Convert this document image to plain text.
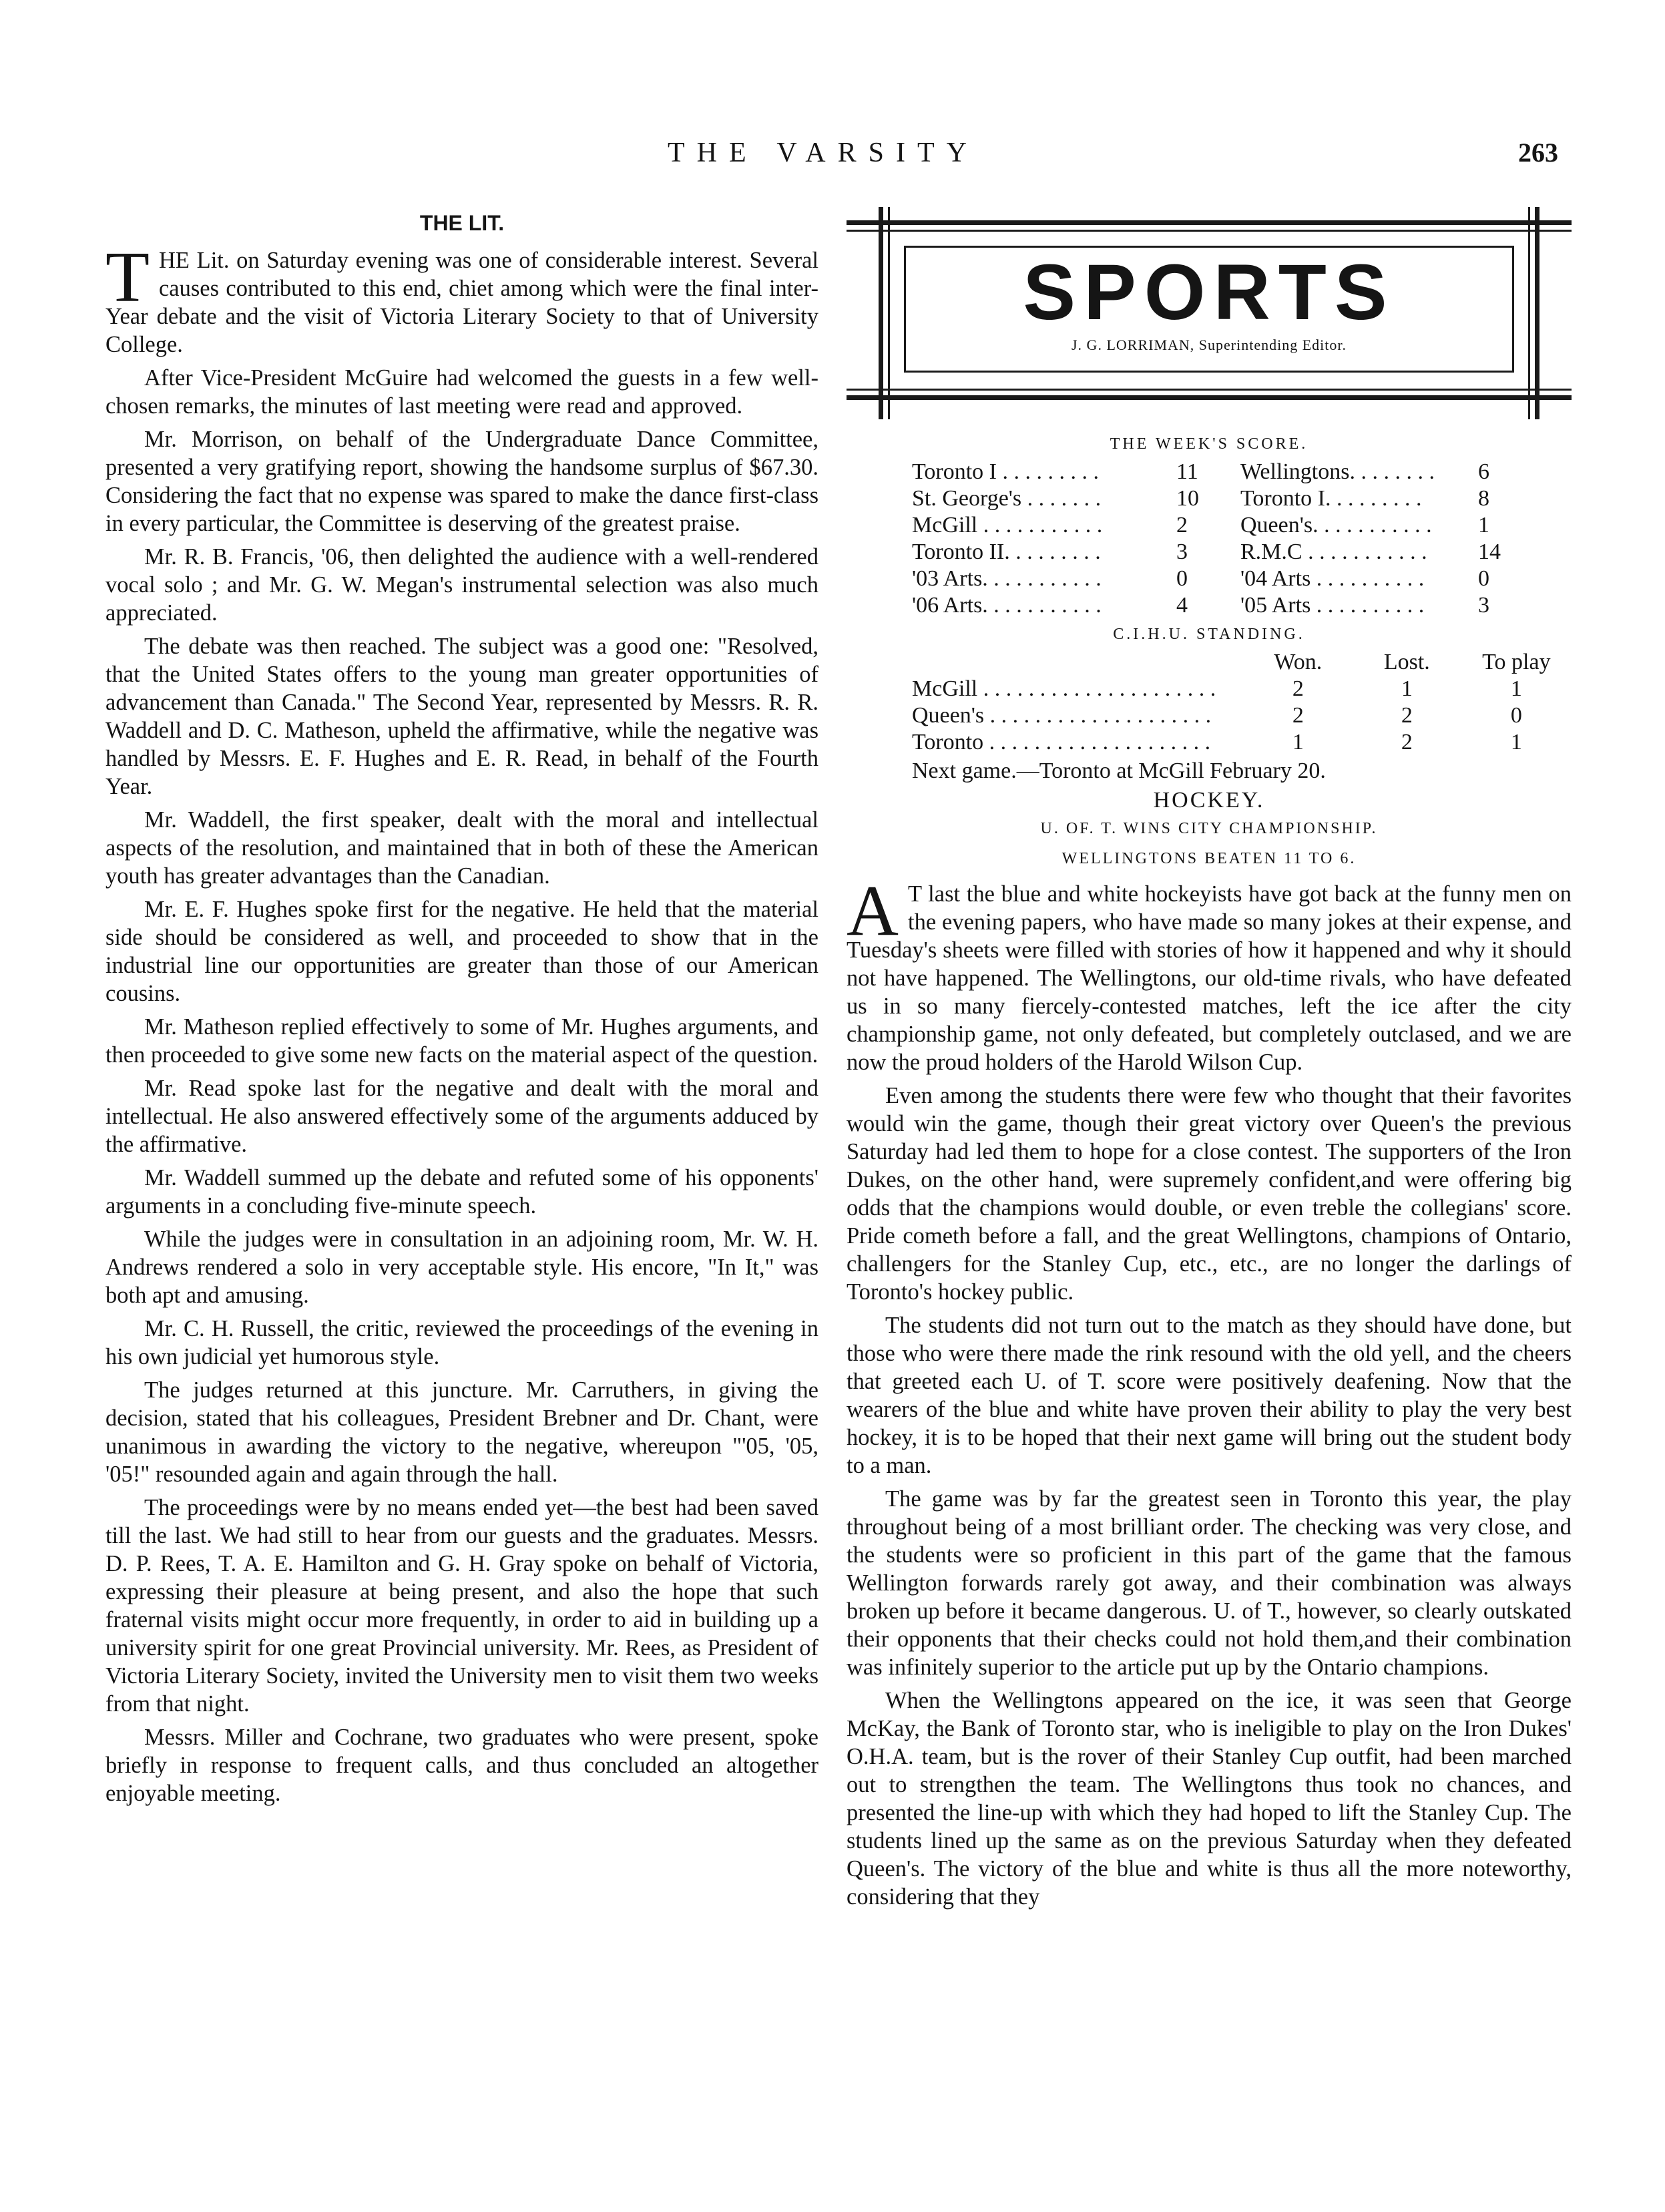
THE VARSITY	263
THE LIT.

THE Lit. on Saturday evening was one of considerable interest. Several causes contributed to this end, chiet among which were the final inter-Year debate and the visit of Victoria Literary Society to that of University College.

After Vice-President McGuire had welcomed the guests in a few well-chosen remarks, the minutes of last meeting were read and approved.

Mr. Morrison, on behalf of the Undergraduate Dance Committee, presented a very gratifying report, showing the handsome surplus of $67.30. Considering the fact that no expense was spared to make the dance first-class in every particular, the Committee is deserving of the greatest praise.

Mr. R. B. Francis, '06, then delighted the audience with a well-rendered vocal solo ; and Mr. G. W. Megan's instrumental selection was also much appreciated.

The debate was then reached. The subject was a good one: "Resolved, that the United States offers to the young man greater opportunities of advancement than Canada." The Second Year, represented by Messrs. R. R. Waddell and D. C. Matheson, upheld the affirmative, while the negative was handled by Messrs. E. F. Hughes and E. R. Read, in behalf of the Fourth Year.

Mr. Waddell, the first speaker, dealt with the moral and intellectual aspects of the resolution, and maintained that in both of these the American youth has greater advantages than the Canadian.

Mr. E. F. Hughes spoke first for the negative. He held that the material side should be considered as well, and proceeded to show that in the industrial line our opportunities are greater than those of our American cousins.

Mr. Matheson replied effectively to some of Mr. Hughes arguments, and then proceeded to give some new facts on the material aspect of the question.

Mr. Read spoke last for the negative and dealt with the moral and intellectual. He also answered effectively some of the arguments adduced by the affirmative.

Mr. Waddell summed up the debate and refuted some of his opponents' arguments in a concluding five-minute speech.

While the judges were in consultation in an adjoining room, Mr. W. H. Andrews rendered a solo in very acceptable style. His encore, "In It," was both apt and amusing.

Mr. C. H. Russell, the critic, reviewed the proceedings of the evening in his own judicial yet humorous style.

The judges returned at this juncture. Mr. Carruthers, in giving the decision, stated that his colleagues, President Brebner and Dr. Chant, were unanimous in awarding the victory to the negative, whereupon "'05, '05, '05!" resounded again and again through the hall.

The proceedings were by no means ended yet—the best had been saved till the last. We had still to hear from our guests and the graduates. Messrs. D. P. Rees, T. A. E. Hamilton and G. H. Gray spoke on behalf of Victoria, expressing their pleasure at being present, and also the hope that such fraternal visits might occur more frequently, in order to aid in building up a university spirit for one great Provincial university. Mr. Rees, as President of Victoria Literary Society, invited the University men to visit them two weeks from that night.

Messrs. Miller and Cochrane, two graduates who were present, spoke briefly in response to frequent calls, and thus concluded an altogether enjoyable meeting.

SPORTS
J. G. LORRIMAN, Superintending Editor.
THE WEEK'S SCORE.
Toronto I . . . . . . . . .	11	Wellingtons. . . . . . . .	6
St. George's . . . . . . .	10	Toronto I. . . . . . . . .	8
McGill . . . . . . . . . . .	2	Queen's. . . . . . . . . . .	1
Toronto II. . . . . . . . .	3	R.M.C . . . . . . . . . . .	14
'03 Arts. . . . . . . . . . .	0	'04 Arts . . . . . . . . . .	0
'06 Arts. . . . . . . . . . .	4	'05 Arts . . . . . . . . . .	3
C.I.H.U. STANDING.
	Won.	Lost.	To play
McGill . . . . . . . . . . . . . . . . . . . . .	2	1	1
Queen's . . . . . . . . . . . . . . . . . . . .	2	2	0
Toronto . . . . . . . . . . . . . . . . . . . .	1	2	1
Next game.—Toronto at McGill February 20.
HOCKEY.
U. OF. T. WINS CITY CHAMPIONSHIP.
WELLINGTONS BEATEN 11 TO 6.

A T last the blue and white hockeyists have got back at the funny men on the evening papers, who have made so many jokes at their expense, and Tuesday's sheets were filled with stories of how it happened and why it should not have happened. The Wellingtons, our old-time rivals, who have defeated us in so many fiercely-contested matches, left the ice after the city championship game, not only defeated, but completely outclased, and we are now the proud holders of the Harold Wilson Cup.

Even among the students there were few who thought that their favorites would win the game, though their great victory over Queen's the previous Saturday had led them to hope for a close contest. The supporters of the Iron Dukes, on the other hand, were supremely confident,and were offering big odds that the champions would double, or even treble the collegians' score. Pride cometh before a fall, and the great Wellingtons, champions of Ontario, challengers for the Stanley Cup, etc., etc., are no longer the darlings of Toronto's hockey public.

The students did not turn out to the match as they should have done, but those who were there made the rink resound with the old yell, and the cheers that greeted each U. of T. score were positively deafening. Now that the wearers of the blue and white have proven their ability to play the very best hockey, it is to be hoped that their next game will bring out the student body to a man.

The game was by far the greatest seen in Toronto this year, the play throughout being of a most brilliant order. The checking was very close, and the students were so proficient in this part of the game that the famous Wellington forwards rarely got away, and their combination was always broken up before it became dangerous. U. of T., however, so clearly outskated their opponents that their checks could not hold them,and their combination was infinitely superior to the article put up by the Ontario champions.

When the Wellingtons appeared on the ice, it was seen that George McKay, the Bank of Toronto star, who is ineligible to play on the Iron Dukes' O.H.A. team, but is the rover of their Stanley Cup outfit, had been marched out to strengthen the team. The Wellingtons thus took no chances, and presented the line-up with which they had hoped to lift the Stanley Cup. The students lined up the same as on the previous Saturday when they defeated Queen's. The victory of the blue and white is thus all the more noteworthy, considering that they
